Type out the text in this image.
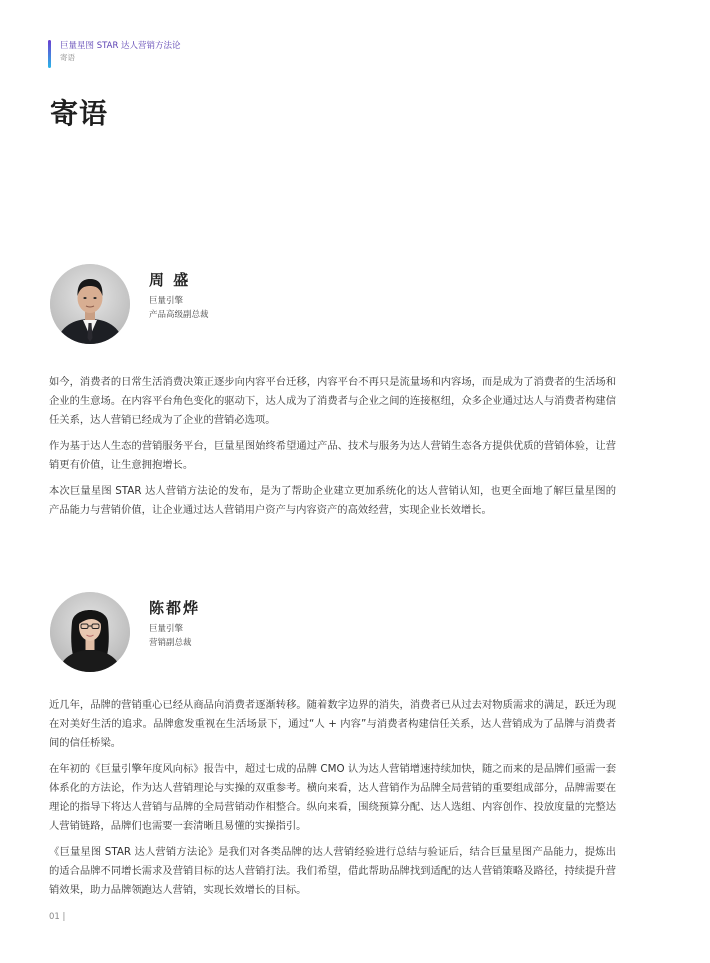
巨量星图 STAR 达人营销方法论
寄语
寄语
周 盛
巨量引擎
产品高级副总裁

如今，消费者的日常生活消费决策正逐步向内容平台迁移，内容平台不再只是流量场和内容场，而是成为了消费者的生活场和企业的生意场。在内容平台角色变化的驱动下，达人成为了消费者与企业之间的连接枢纽，众多企业通过达人与消费者构建信任关系，达人营销已经成为了企业的营销必选项。

作为基于达人生态的营销服务平台，巨量星图始终希望通过产品、技术与服务为达人营销生态各方提供优质的营销体验，让营销更有价值，让生意拥抱增长。

本次巨量星图 STAR 达人营销方法论的发布，是为了帮助企业建立更加系统化的达人营销认知，也更全面地了解巨量星图的产品能力与营销价值，让企业通过达人营销用户资产与内容资产的高效经营，实现企业长效增长。

陈都烨
巨量引擎
营销副总裁

近几年，品牌的营销重心已经从商品向消费者逐渐转移。随着数字边界的消失，消费者已从过去对物质需求的满足，跃迁为现在对美好生活的追求。品牌愈发重视在生活场景下，通过“人 + 内容”与消费者构建信任关系，达人营销成为了品牌与消费者间的信任桥梁。

在年初的《巨量引擎年度风向标》报告中，超过七成的品牌 CMO 认为达人营销增速持续加快，随之而来的是品牌们亟需一套体系化的方法论，作为达人营销理论与实操的双重参考。横向来看，达人营销作为品牌全局营销的重要组成部分，品牌需要在理论的指导下将达人营销与品牌的全局营销动作相整合。纵向来看，围绕预算分配、达人选组、内容创作、投放度量的完整达人营销链路，品牌们也需要一套清晰且易懂的实操指引。

《巨量星图 STAR 达人营销方法论》是我们对各类品牌的达人营销经验进行总结与验证后，结合巨量星图产品能力，提炼出的适合品牌不同增长需求及营销目标的达人营销打法。我们希望，借此帮助品牌找到适配的达人营销策略及路径，持续提升营销效果，助力品牌领跑达人营销，实现长效增长的目标。

01 |
